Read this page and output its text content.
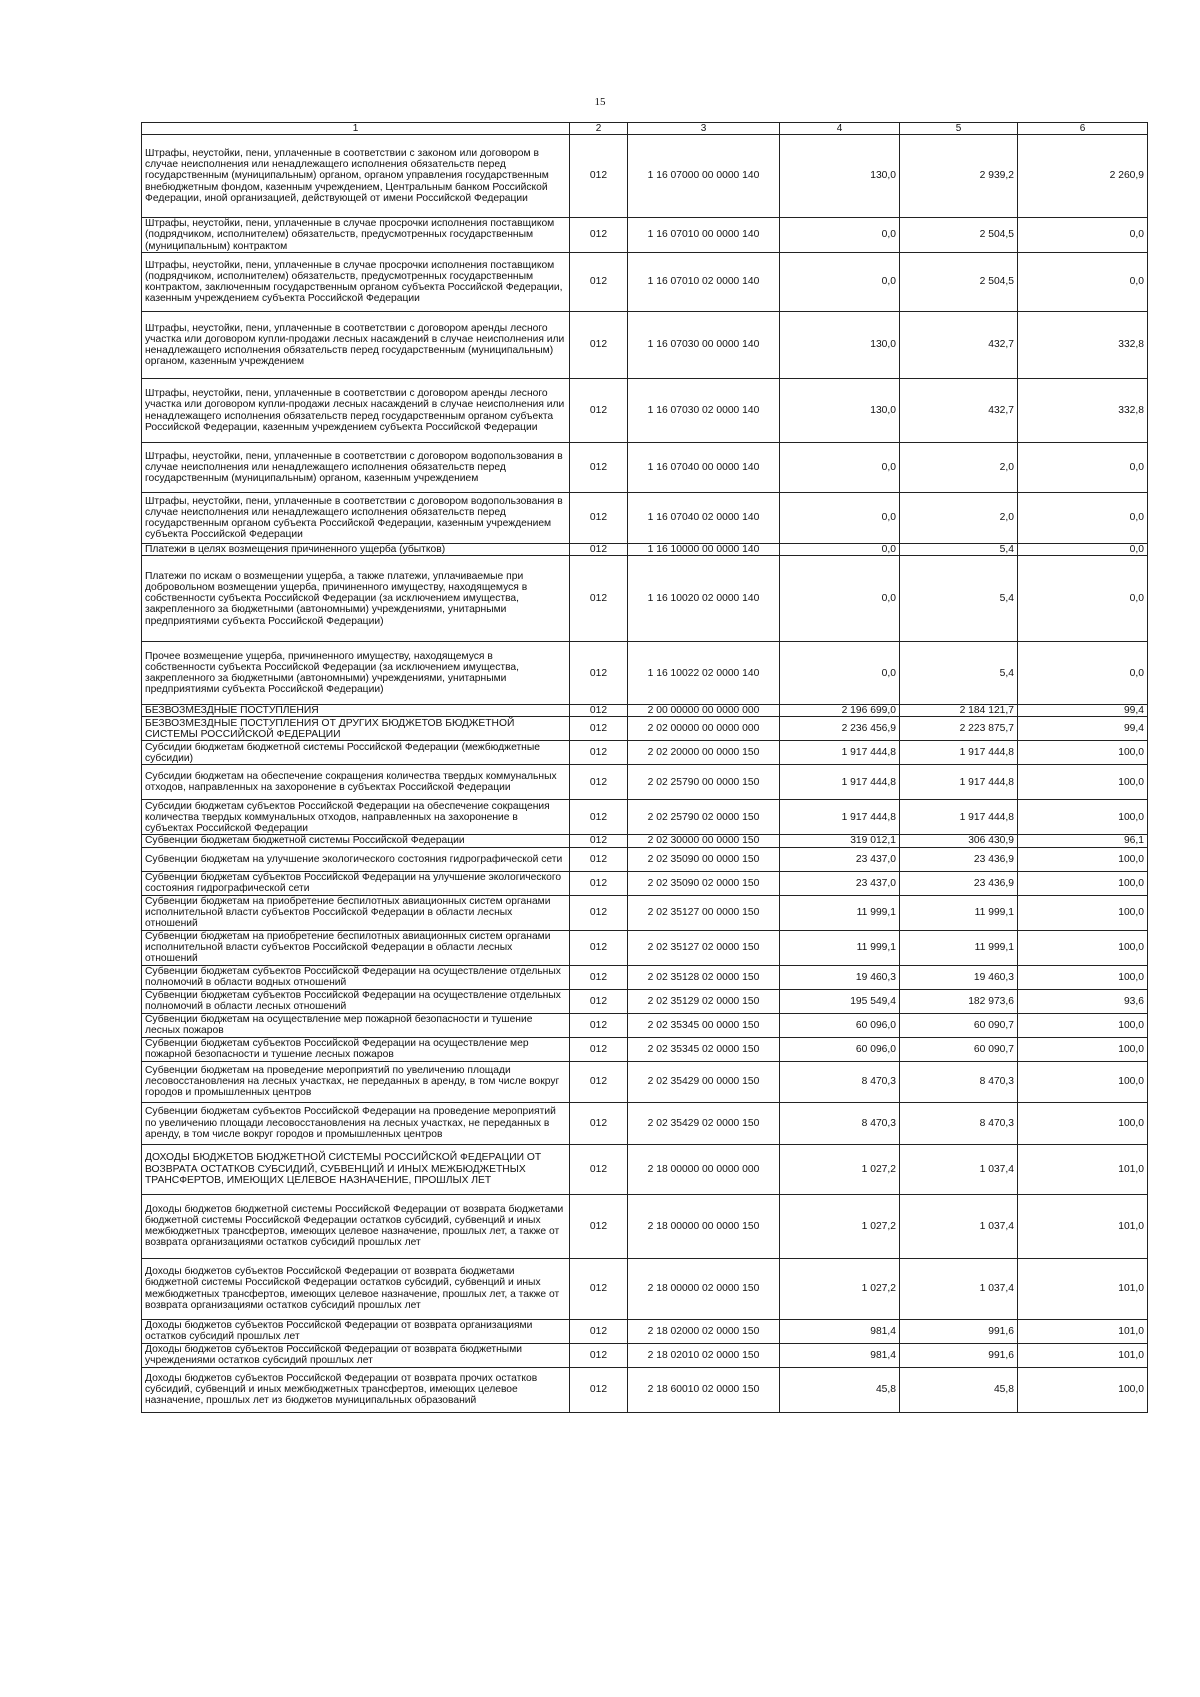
15
1	2	3	4	5	6
Штрафы, неустойки, пени, уплаченные в соответствии с законом или договором в случае неисполнения или ненадлежащего исполнения обязательств перед государственным (муниципальным) органом, органом управления государственным внебюджетным фондом, казенным учреждением, Центральным банком Российской Федерации, иной организацией, действующей от имени Российской Федерации	012	1 16 07000 00 0000 140	130,0	2 939,2	2 260,9
Штрафы, неустойки, пени, уплаченные в случае просрочки исполнения поставщиком (подрядчиком, исполнителем) обязательств, предусмотренных государственным (муниципальным) контрактом	012	1 16 07010 00 0000 140	0,0	2 504,5	0,0
Штрафы, неустойки, пени, уплаченные в случае просрочки исполнения поставщиком (подрядчиком, исполнителем) обязательств, предусмотренных государственным контрактом, заключенным государственным органом субъекта Российской Федерации, казенным учреждением субъекта Российской Федерации	012	1 16 07010 02 0000 140	0,0	2 504,5	0,0
Штрафы, неустойки, пени, уплаченные в соответствии с договором аренды лесного участка или договором купли-продажи лесных насаждений в случае неисполнения или ненадлежащего исполнения обязательств перед государственным (муниципальным) органом, казенным учреждением	012	1 16 07030 00 0000 140	130,0	432,7	332,8
Штрафы, неустойки, пени, уплаченные в соответствии с договором аренды лесного участка или договором купли-продажи лесных насаждений в случае неисполнения или ненадлежащего исполнения обязательств перед государственным органом субъекта Российской Федерации, казенным учреждением субъекта Российской Федерации	012	1 16 07030 02 0000 140	130,0	432,7	332,8
Штрафы, неустойки, пени, уплаченные в соответствии с договором водопользования в случае неисполнения или ненадлежащего исполнения обязательств перед государственным (муниципальным) органом, казенным учреждением	012	1 16 07040 00 0000 140	0,0	2,0	0,0
Штрафы, неустойки, пени, уплаченные в соответствии с договором водопользования в случае неисполнения или ненадлежащего исполнения обязательств перед государственным органом субъекта Российской Федерации, казенным учреждением субъекта Российской Федерации	012	1 16 07040 02 0000 140	0,0	2,0	0,0
Платежи в целях возмещения причиненного ущерба (убытков)	012	1 16 10000 00 0000 140	0,0	5,4	0,0
Платежи по искам о возмещении ущерба, а также платежи, уплачиваемые при добровольном возмещении ущерба, причиненного имуществу, находящемуся в собственности субъекта Российской Федерации (за исключением имущества, закрепленного за бюджетными (автономными) учреждениями, унитарными предприятиями субъекта Российской Федерации)	012	1 16 10020 02 0000 140	0,0	5,4	0,0
Прочее возмещение ущерба, причиненного имуществу, находящемуся в собственности субъекта Российской Федерации (за исключением имущества, закрепленного за бюджетными (автономными) учреждениями, унитарными предприятиями субъекта Российской Федерации)	012	1 16 10022 02 0000 140	0,0	5,4	0,0
БЕЗВОЗМЕЗДНЫЕ ПОСТУПЛЕНИЯ	012	2 00 00000 00 0000 000	2 196 699,0	2 184 121,7	99,4
БЕЗВОЗМЕЗДНЫЕ ПОСТУПЛЕНИЯ ОТ ДРУГИХ БЮДЖЕТОВ БЮДЖЕТНОЙ СИСТЕМЫ РОССИЙСКОЙ ФЕДЕРАЦИИ	012	2 02 00000 00 0000 000	2 236 456,9	2 223 875,7	99,4
Субсидии бюджетам бюджетной системы Российской Федерации (межбюджетные субсидии)	012	2 02 20000 00 0000 150	1 917 444,8	1 917 444,8	100,0
Субсидии бюджетам на обеспечение сокращения количества твердых коммунальных отходов, направленных на захоронение в субъектах Российской Федерации	012	2 02 25790 00 0000 150	1 917 444,8	1 917 444,8	100,0
Субсидии бюджетам субъектов Российской Федерации на обеспечение сокращения количества твердых коммунальных отходов, направленных на захоронение в субъектах Российской Федерации	012	2 02 25790 02 0000 150	1 917 444,8	1 917 444,8	100,0
Субвенции бюджетам бюджетной системы Российской Федерации	012	2 02 30000 00 0000 150	319 012,1	306 430,9	96,1
Субвенции бюджетам на улучшение экологического состояния гидрографической сети	012	2 02 35090 00 0000 150	23 437,0	23 436,9	100,0
Субвенции бюджетам субъектов Российской Федерации на улучшение экологического состояния гидрографической сети	012	2 02 35090 02 0000 150	23 437,0	23 436,9	100,0
Субвенции бюджетам на приобретение беспилотных авиационных систем органами исполнительной власти субъектов Российской Федерации в области лесных отношений	012	2 02 35127 00 0000 150	11 999,1	11 999,1	100,0
Субвенции бюджетам на приобретение беспилотных авиационных систем органами исполнительной власти субъектов Российской Федерации в области лесных отношений	012	2 02 35127 02 0000 150	11 999,1	11 999,1	100,0
Субвенции бюджетам субъектов Российской Федерации на осуществление отдельных полномочий в области водных отношений	012	2 02 35128 02 0000 150	19 460,3	19 460,3	100,0
Субвенции бюджетам субъектов Российской Федерации на осуществление отдельных полномочий в области лесных отношений	012	2 02 35129 02 0000 150	195 549,4	182 973,6	93,6
Субвенции бюджетам на осуществление мер пожарной безопасности и тушение лесных пожаров	012	2 02 35345 00 0000 150	60 096,0	60 090,7	100,0
Субвенции бюджетам субъектов Российской Федерации на осуществление мер пожарной безопасности и тушение лесных пожаров	012	2 02 35345 02 0000 150	60 096,0	60 090,7	100,0
Субвенции бюджетам на проведение мероприятий по увеличению площади лесовосстановления на лесных участках, не переданных в аренду, в том числе вокруг городов и промышленных центров	012	2 02 35429 00 0000 150	8 470,3	8 470,3	100,0
Субвенции бюджетам субъектов Российской Федерации на проведение мероприятий по увеличению площади лесовосстановления на лесных участках, не переданных в аренду, в том числе вокруг городов и промышленных центров	012	2 02 35429 02 0000 150	8 470,3	8 470,3	100,0
ДОХОДЫ БЮДЖЕТОВ БЮДЖЕТНОЙ СИСТЕМЫ РОССИЙСКОЙ ФЕДЕРАЦИИ ОТ ВОЗВРАТА ОСТАТКОВ СУБСИДИЙ, СУБВЕНЦИЙ И ИНЫХ МЕЖБЮДЖЕТНЫХ ТРАНСФЕРТОВ, ИМЕЮЩИХ ЦЕЛЕВОЕ НАЗНАЧЕНИЕ, ПРОШЛЫХ ЛЕТ	012	2 18 00000 00 0000 000	1 027,2	1 037,4	101,0
Доходы бюджетов бюджетной системы Российской Федерации от возврата бюджетами бюджетной системы Российской Федерации остатков субсидий, субвенций и иных межбюджетных трансфертов, имеющих целевое назначение, прошлых лет, а также от возврата организациями остатков субсидий прошлых лет	012	2 18 00000 00 0000 150	1 027,2	1 037,4	101,0
Доходы бюджетов субъектов Российской Федерации от возврата бюджетами бюджетной системы Российской Федерации остатков субсидий, субвенций и иных межбюджетных трансфертов, имеющих целевое назначение, прошлых лет, а также от возврата организациями остатков субсидий прошлых лет	012	2 18 00000 02 0000 150	1 027,2	1 037,4	101,0
Доходы бюджетов субъектов Российской Федерации от возврата организациями остатков субсидий прошлых лет	012	2 18 02000 02 0000 150	981,4	991,6	101,0
Доходы бюджетов субъектов Российской Федерации от возврата бюджетными учреждениями остатков субсидий прошлых лет	012	2 18 02010 02 0000 150	981,4	991,6	101,0
Доходы бюджетов субъектов Российской Федерации от возврата прочих остатков субсидий, субвенций и иных межбюджетных трансфертов, имеющих целевое назначение, прошлых лет из бюджетов муниципальных образований	012	2 18 60010 02 0000 150	45,8	45,8	100,0
